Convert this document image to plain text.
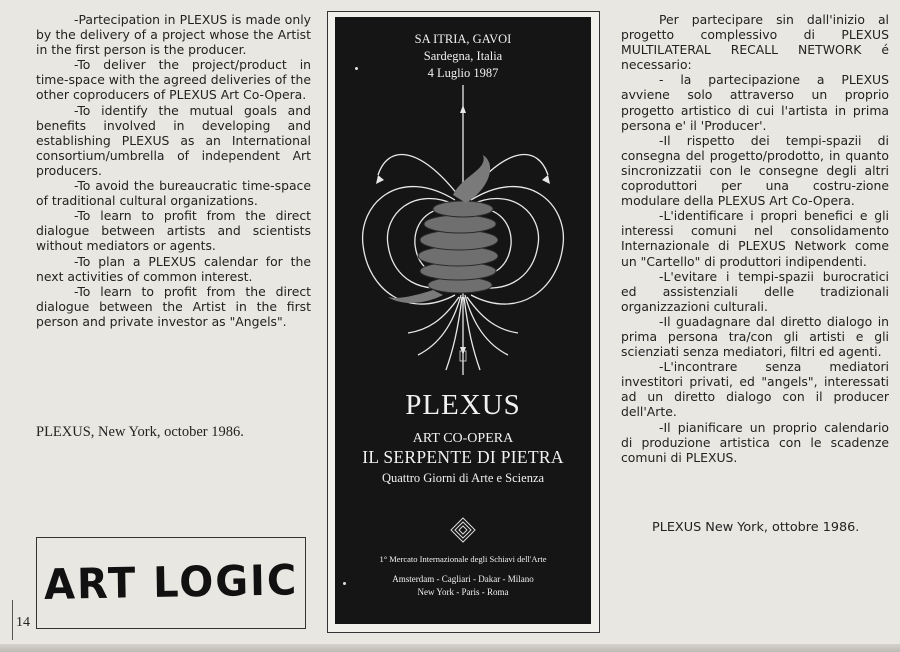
-Partecipation in PLEXUS is made only by the delivery of a project whose the Artist in the first person is the producer.

-To deliver the project/product in time-space with the agreed deliveries of the other coproducers of PLEXUS Art Co-Opera.

-To identify the mutual goals and benefits involved in developing and establishing PLEXUS as an International consortium/umbrella of independent Art producers.

-To avoid the bureaucratic time-space of traditional cultural organizations.

-To learn to profit from the direct dialogue between artists and scientists without mediators or agents.

-To plan a PLEXUS calendar for the next activities of common interest.

-To learn to profit from the direct dialogue between the Artist in the first person and private investor as "Angels".

PLEXUS, New York, october 1986.
ART LOGIC
14
SA ITRIA, GAVOI
Sardegna, Italia
4 Luglio 1987
PLEXUS
ART CO-OPERA
IL SERPENTE DI PIETRA
Quattro Giorni di Arte e Scienza
1° Mercato Internazionale degli Schiavi dell'Arte
Amsterdam - Cagliari - Dakar - Milano
New York - Paris - Roma

Per partecipare sin dall'inizio al progetto complessivo di PLEXUS MULTILATERAL RECALL NETWORK é necessario:

- la partecipazione a PLEXUS avviene solo attraverso un proprio progetto artistico di cui l'artista in prima persona e' il 'Producer'.

-Il rispetto dei tempi-spazii di consegna del progetto/prodotto, in quanto sincronizzatii con le consegne degli altri coproduttori per una costru-zione modulare della PLEXUS Art Co-Opera.

-L'identificare i propri benefici e gli interessi comuni nel consolidamento Internazionale di PLEXUS Network come un "Cartello" di produttori indipendenti.

-L'evitare i tempi-spazii burocratici ed assistenziali delle tradizionali organizzazioni culturali.

-Il guadagnare dal diretto dialogo in prima persona tra/con gli artisti e gli scienziati senza mediatori, filtri ed agenti.

-L'incontrare senza mediatori investitori privati, ed "angels", interessati ad un diretto dialogo con il producer dell'Arte.

-Il pianificare un proprio calendario di produzione artistica con le scadenze comuni di PLEXUS.

PLEXUS New York, ottobre 1986.
